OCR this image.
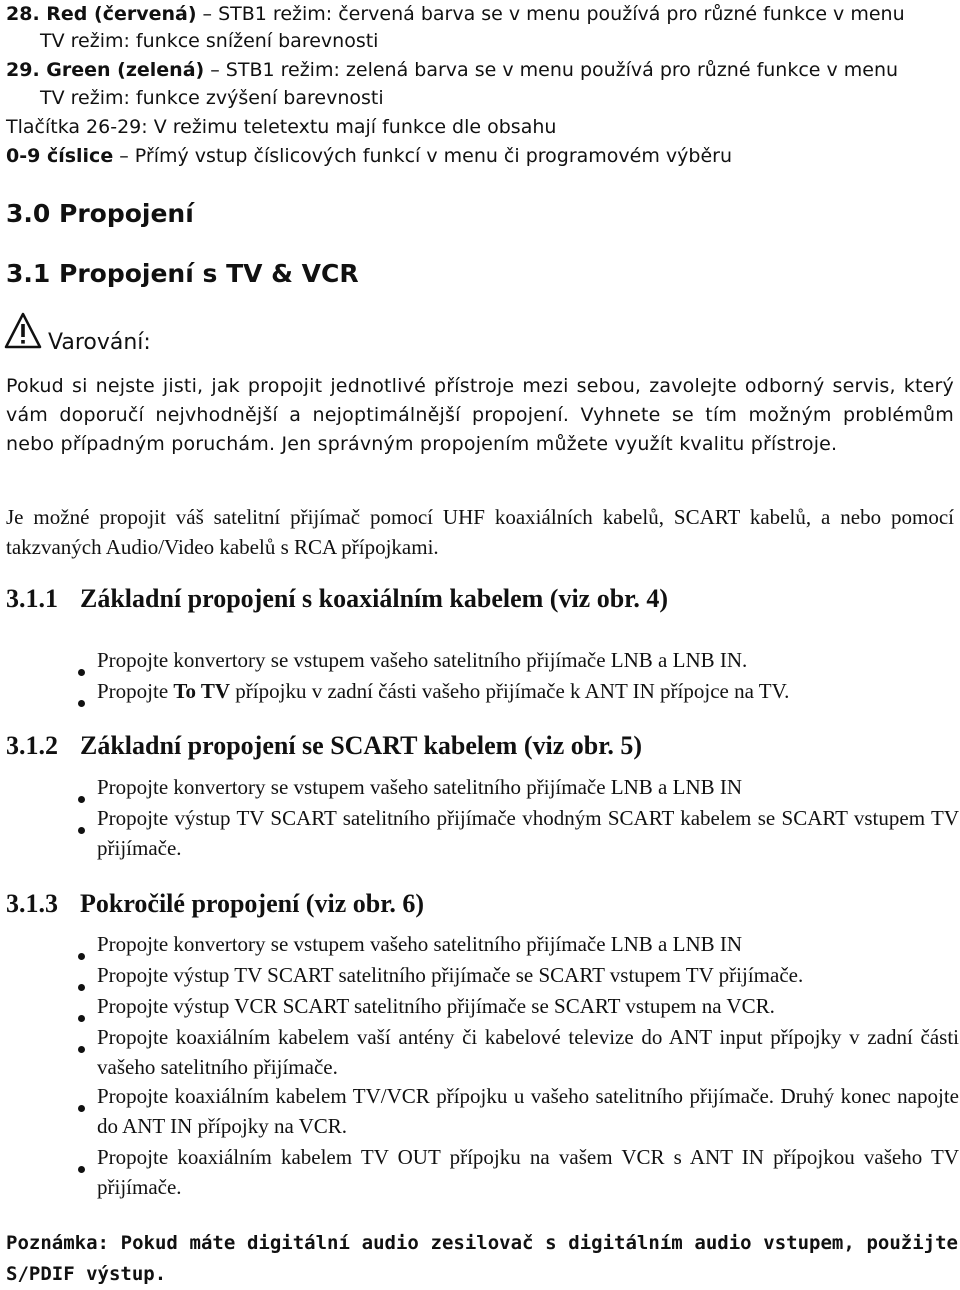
28. Red (červená) – STB1 režim: červená barva se v menu používá pro různé funkce v menu
TV režim: funkce snížení barevnosti
29. Green (zelená) – STB1 režim: zelená barva se v menu používá pro různé funkce v menu
TV režim: funkce zvýšení barevnosti
Tlačítka 26-29: V režimu teletextu mají funkce dle obsahu
0-9 číslice – Přímý vstup číslicových funkcí v menu či programovém výběru
3.0 Propojení
3.1 Propojení s TV & VCR
Varování:
Pokud si nejste jisti, jak propojit jednotlivé přístroje mezi sebou, zavolejte odborný servis, který vám doporučí nejvhodnější a nejoptimálnější propojení. Vyhnete se tím možným problémům nebo případným poruchám. Jen správným propojením můžete využít kvalitu přístroje.
Je možné propojit váš satelitní přijímač pomocí UHF koaxiálních kabelů, SCART kabelů, a nebo pomocí takzvaných Audio/Video kabelů s RCA přípojkami.
3.1.1 Základní propojení s koaxiálním kabelem (viz obr. 4)
Propojte konvertory se vstupem vašeho satelitního přijímače LNB a LNB IN.
Propojte To TV přípojku v zadní části vašeho přijímače k ANT IN přípojce na TV.
3.1.2 Základní propojení se SCART kabelem (viz obr. 5)
Propojte konvertory se vstupem vašeho satelitního přijímače LNB a LNB IN
Propojte výstup TV SCART satelitního přijímače vhodným SCART kabelem se SCART vstupem TV přijímače.
3.1.3 Pokročilé propojení (viz obr. 6)
Propojte konvertory se vstupem vašeho satelitního přijímače LNB a LNB IN
Propojte výstup TV SCART satelitního přijímače se SCART vstupem TV přijímače.
Propojte výstup VCR SCART satelitního přijímače se SCART vstupem na VCR.
Propojte koaxiálním kabelem vaší antény či kabelové televize do ANT input přípojky v zadní části vašeho satelitního přijímače.
Propojte koaxiálním kabelem TV/VCR přípojku u vašeho satelitního přijímače. Druhý konec napojte do ANT IN přípojky na VCR.
Propojte koaxiálním kabelem TV OUT přípojku na vašem VCR s ANT IN přípojkou vašeho TV přijímače.
Poznámka: Pokud máte digitální audio zesilovač s digitálním audio vstupem, použijte S/PDIF výstup.
